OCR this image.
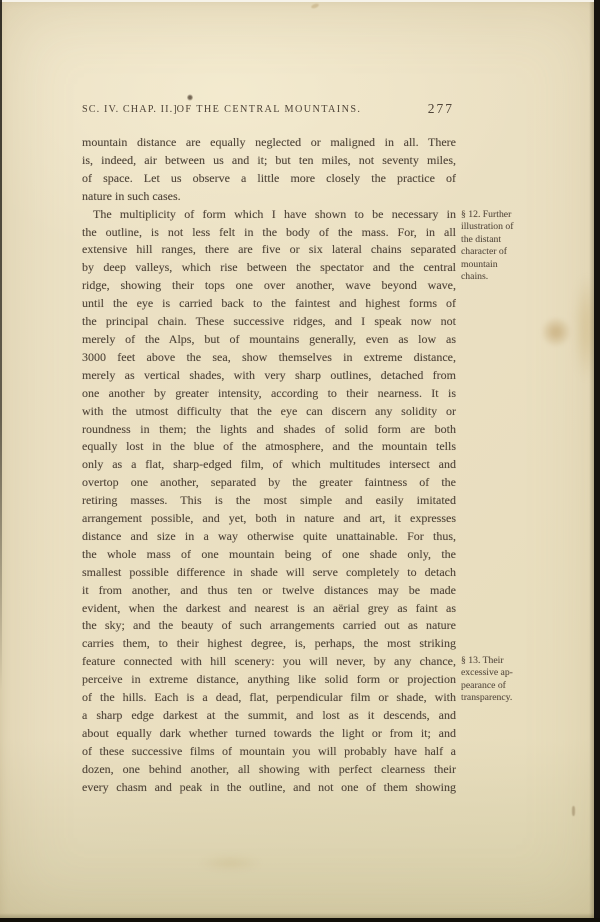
SC. IV. CHAP. II.]
OF THE CENTRAL MOUNTAINS.	277
mountain distance are equally neglected or maligned in all. There
is, indeed, air between us and it; but ten miles, not seventy miles,
of space. Let us observe a little more closely the practice of
nature in such cases.
The multiplicity of form which I have shown to be necessary in
the outline, is not less felt in the body of the mass. For, in all
extensive hill ranges, there are five or six lateral chains separated
by deep valleys, which rise between the spectator and the central
ridge, showing their tops one over another, wave beyond wave,
until the eye is carried back to the faintest and highest forms of
the principal chain. These successive ridges, and I speak now not
merely of the Alps, but of mountains generally, even as low as
3000 feet above the sea, show themselves in extreme distance,
merely as vertical shades, with very sharp outlines, detached from
one another by greater intensity, according to their nearness. It is
with the utmost difficulty that the eye can discern any solidity or
roundness in them; the lights and shades of solid form are both
equally lost in the blue of the atmosphere, and the mountain tells
only as a flat, sharp-edged film, of which multitudes intersect and
overtop one another, separated by the greater faintness of the
retiring masses. This is the most simple and easily imitated
arrangement possible, and yet, both in nature and art, it expresses
distance and size in a way otherwise quite unattainable. For thus,
the whole mass of one mountain being of one shade only, the
smallest possible difference in shade will serve completely to detach
it from another, and thus ten or twelve distances may be made
evident, when the darkest and nearest is an aërial grey as faint as
the sky; and the beauty of such arrangements carried out as nature
carries them, to their highest degree, is, perhaps, the most striking
feature connected with hill scenery: you will never, by any chance,
perceive in extreme distance, anything like solid form or projection
of the hills. Each is a dead, flat, perpendicular film or shade, with
a sharp edge darkest at the summit, and lost as it descends, and
about equally dark whether turned towards the light or from it; and
of these successive films of mountain you will probably have half a
dozen, one behind another, all showing with perfect clearness their
every chasm and peak in the outline, and not one of them showing
§ 12. Further
illustration of
the distant
character of
mountain
chains.
§ 13. Their
excessive ap-
pearance of
transparency.
